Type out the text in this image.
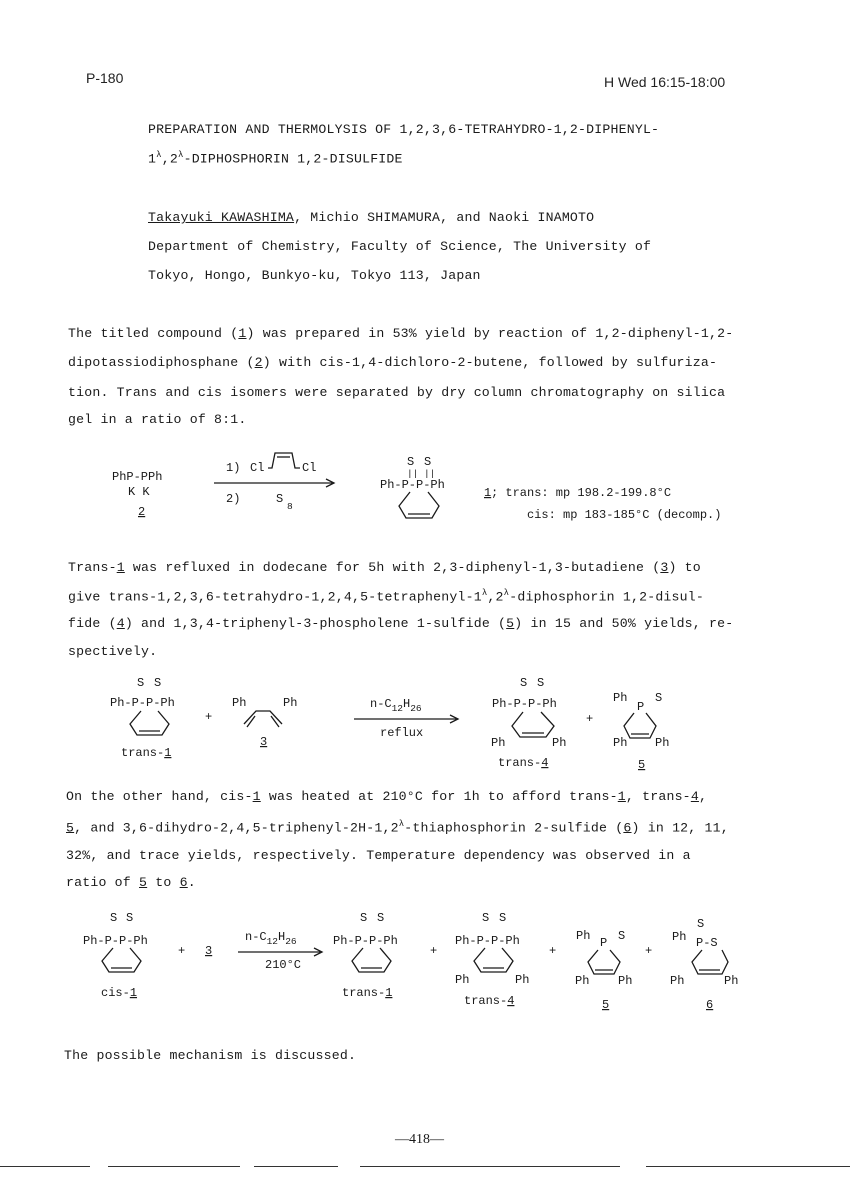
P-180	H Wed 16:15-18:00
PREPARATION AND THERMOLYSIS OF 1,2,3,6-TETRAHYDRO-1,2-DIPHENYL-
$1^\lambda,2^\lambda$-DIPHOSPHORIN 1,2-DISULFIDE
Takayuki KAWASHIMA, Michio SHIMAMURA, and Naoki INAMOTO
Department of Chemistry, Faculty of Science, The University of
Tokyo, Hongo, Bunkyo-ku, Tokyo 113, Japan
The titled compound (1) was prepared in 53% yield by reaction of 1,2-diphenyl-1,2-
dipotassiodiphosphane (2) with cis-1,4-dichloro-2-butene, followed by sulfuriza-
tion. Trans and cis isomers were separated by dry column chromatography on silica
gel in a ratio of 8:1.
Trans-1 was refluxed in dodecane for 5h with 2,3-diphenyl-1,3-butadiene (3) to
give trans-$1,2,3,6-tetrahydro-1,2,4,5-tetraphenyl-1^\lambda,2^\lambda$-diphosphorin 1,2-disul-
fide (4) and 1,3,4-triphenyl-3-phospholene 1-sulfide (5) in 15 and 50% yields, re-
spectively.
On the other hand, cis-1 was heated at 210°C for 1h to afford trans-1, trans-4,
5, and $3,6-dihydro-2,4,5-triphenyl-2H-1,2^\lambda$-thiaphosphorin 2-sulfide (6) in 12, 11,
32%, and trace yields, respectively. Temperature dependency was observed in a
ratio of 5 to 6.
The possible mechanism is discussed.
—418—
PhP-PPh
K K
2
1) Cl	Cl
2)	S
8
S S
|| ||
Ph-P-P-Ph
1 ; trans: mp 198.2-199.8°C
cis: mp 183-185°C (decomp.)
S S
Ph-P-P-Ph
trans-1
+
Ph	Ph
3
$n-C_{12}H_{26}$
reflux
S S
Ph-P-P-Ph
Ph	Ph
trans-4
+
Ph
P
S
Ph Ph
5
S S
Ph-P-P-Ph
cis-1
+ 3
$n-C_{12}H_{26}$
210°C
S S
Ph-P-P-Ph
trans-1
+
S S
Ph-P-P-Ph
Ph	Ph
trans-4
+
Ph P S
Ph Ph
5
+
S
Ph P-S
Ph	Ph
6
